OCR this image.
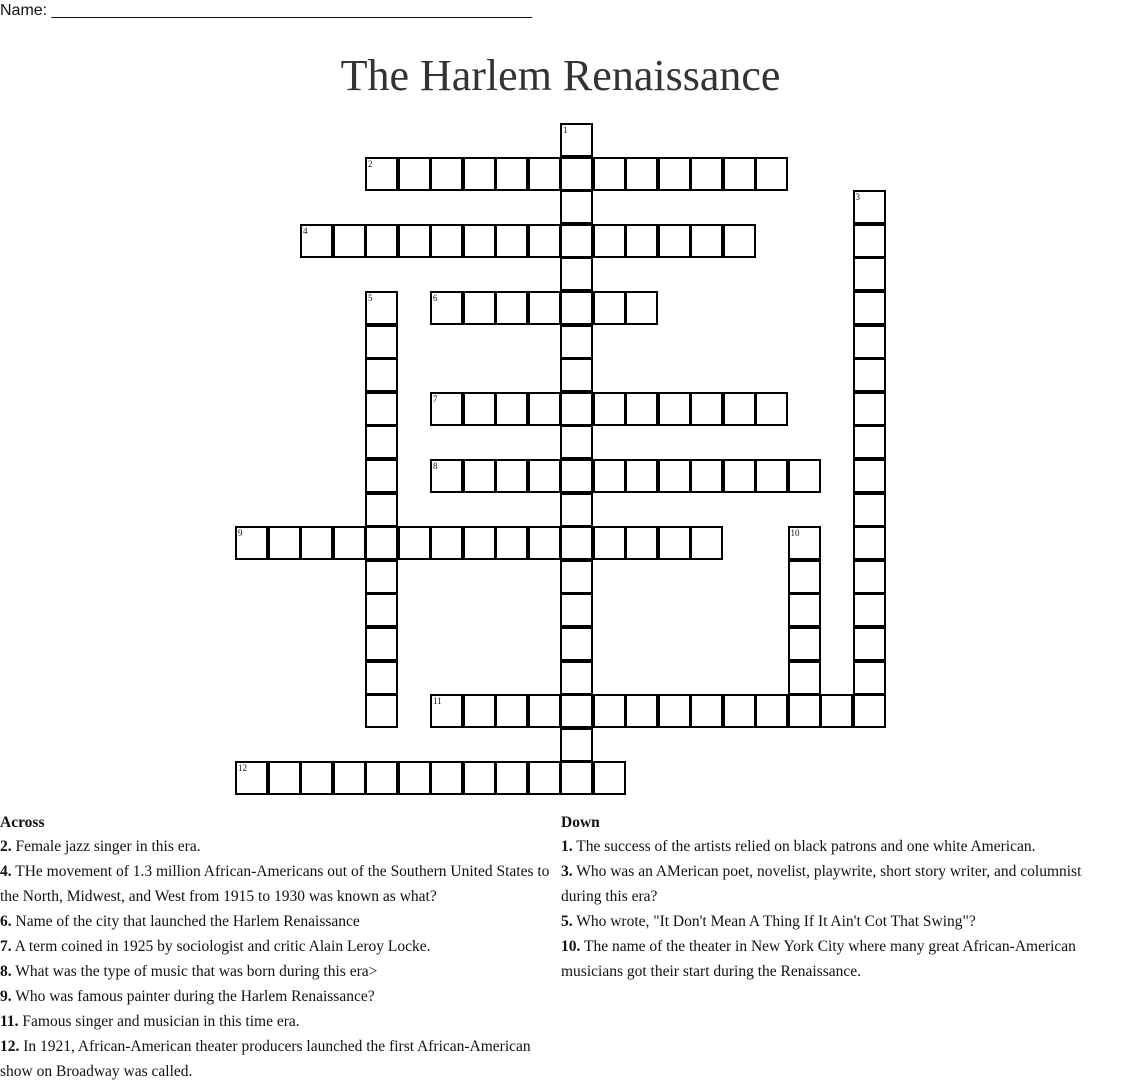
Name: ______________________________________________________
The Harlem Renaissance
1
2
3
4
5	6
7
8
9	10
11
12
Across
2. Female jazz singer in this era.
4. THe movement of 1.3 million African-Americans out of the Southern United States to the North, Midwest, and West from 1915 to 1930 was known as what?
6. Name of the city that launched the Harlem Renaissance
7. A term coined in 1925 by sociologist and critic Alain Leroy Locke.
8. What was the type of music that was born during this era>
9. Who was famous painter during the Harlem Renaissance?
11. Famous singer and musician in this time era.
12. In 1921, African-American theater producers launched the first African-American show on Broadway was called.
Down
1. The success of the artists relied on black patrons and one white American.
3. Who was an AMerican poet, novelist, playwrite, short story writer, and columnist during this era?
5. Who wrote, "It Don't Mean A Thing If It Ain't Cot That Swing"?
10. The name of the theater in New York City where many great African-American musicians got their start during the Renaissance.
